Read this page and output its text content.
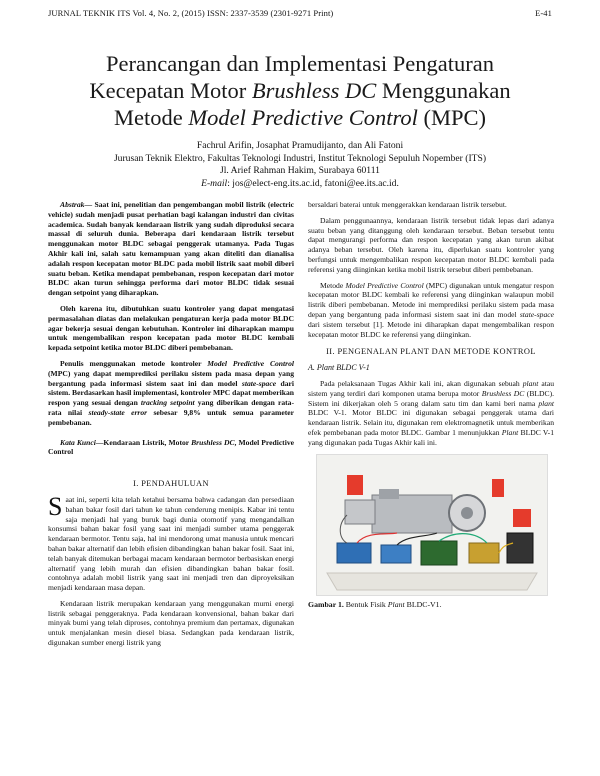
JURNAL TEKNIK ITS Vol. 4, No. 2, (2015) ISSN: 2337-3539 (2301-9271 Print)	E-41
Perancangan dan Implementasi Pengaturan
Kecepatan Motor Brushless DC Menggunakan
Metode Model Predictive Control (MPC)
Fachrul Arifin, Josaphat Pramudijanto, dan Ali Fatoni
Jurusan Teknik Elektro, Fakultas Teknologi Industri, Institut Teknologi Sepuluh Nopember (ITS)
Jl. Arief Rahman Hakim, Surabaya 60111
E-mail: jos@elect-eng.its.ac.id, fatoni@ee.its.ac.id.

Abstrak— Saat ini, penelitian dan pengembangan mobil listrik (electric vehicle) sudah menjadi pusat perhatian bagi kalangan industri dan civitas academica. Sudah banyak kendaraan listrik yang sudah diproduksi secara massal di seluruh dunia. Beberapa dari kendaraan listrik tersebut menggunakan motor BLDC sebagai penggerak utamanya. Pada Tugas Akhir kali ini, salah satu kemampuan yang akan diteliti dan dianalisa adalah respon kecepatan motor BLDC pada mobil listrik saat mobil diberi suatu beban. Ketika mendapat pembebanan, respon kecepatan dari motor BLDC akan turun sehingga performa dari motor BLDC tidak sesuai dengan setpoint yang diharapkan.

Oleh karena itu, dibutuhkan suatu kontroler yang dapat mengatasi permasalahan diatas dan melakukan pengaturan kerja pada motor BLDC agar bekerja sesuai dengan kebutuhan. Kontroler ini diharapkan mampu untuk mengembalikan respon kecepatan pada motor BLDC kembali kepada setpoint ketika motor BLDC diberi pembebanan.

Penulis menggunakan metode kontroler Model Predictive Control (MPC) yang dapat memprediksi perilaku sistem pada masa depan yang bergantung pada informasi sistem saat ini dan model state-space dari sistem. Berdasarkan hasil implementasi, kontroler MPC dapat memberikan respon yang sesuai dengan tracking setpoint yang diberikan dengan rata-rata nilai steady-state error sebesar 9,8% untuk semua parameter pembebanan.

Kata Kunci—Kendaraan Listrik, Motor Brushless DC, Model Predictive Control
I. PENDAHULUAN

Saat ini, seperti kita telah ketahui bersama bahwa cadangan dan persediaan bahan bakar fosil dari tahun ke tahun cenderung menipis. Kabar ini tentu saja menjadi hal yang buruk bagi dunia otomotif yang mengandalkan konsumsi bahan bakar fosil yang saat ini menjadi sumber utama penggerak kendaraan bermotor. Tentu saja, hal ini mendorong umat manusia untuk mencari bahan bakar alternatif dan lebih efisien dibandingkan bahan bakar fosil. Saat ini, telah banyak ditemukan berbagai macam kendaraan bermotor berbasiskan energi alternatif yang lebih murah dan efisien dibandingkan bahan bakar fosil. contohnya adalah mobil listrik yang saat ini menjadi tren dan diproyeksikan menjadi kendaraan masa depan.

Kendaraan listrik merupakan kendaraan yang menggunakan murni energi listrik sebagai penggeraknya. Pada kendaraan konvensional, bahan bakar dari minyak bumi yang telah diproses, contohnya premium dan pertamax, digunakan untuk menjalankan mesin diesel biasa. Sedangkan pada kendaraan listrik, digunakan sumber energi listrik yang

bersaldari baterai untuk menggerakkan kendaraan listrik tersebut.

Dalam penggunaannya, kendaraan listrik tersebut tidak lepas dari adanya suatu beban yang ditanggung oleh kendaraan tersebut. Beban tersebut tentu dapat mengurangi performa dan respon kecepatan yang akan turun akibat adanya beban tersebut. Oleh karena itu, diperlukan suatu kontroler yang berfungsi untuk mengembalikan respon kecepatan motor BLDC kembali pada referensi yang diinginkan ketika mobil listrik tersebut diberi pembebanan.

Metode Model Predictive Control (MPC) digunakan untuk mengatur respon kecepatan motor BLDC kembali ke referensi yang diinginkan walaupun mobil listrik diberi pembebanan. Metode ini memprediksi perilaku sistem pada masa depan yang bergantung pada informasi sistem saat ini dan model state-space dari sistem tersebut [1]. Metode ini diharapkan dapat mengembalikan respon kecepatan motor BLDC ke referensi yang diinginkan.

II. PENGENALAN PLANT DAN METODE KONTROL
A. Plant BLDC V-1

Pada pelaksanaan Tugas Akhir kali ini, akan digunakan sebuah plant atau sistem yang terdiri dari komponen utama berupa motor Brushless DC (BLDC). Sistem ini dikerjakan oleh 5 orang dalam satu tim dan kami beri nama plant BLDC V-1. Motor BLDC ini digunakan sebagai penggerak utama dari kendaraan listrik. Selain itu, digunakan rem elektromagnetik untuk memberikan efek pembebanan pada motor BLDC. Gambar 1 menunjukkan Plant BLDC V-1 yang digunakan pada Tugas Akhir kali ini.

Gambar 1. Bentuk Fisik Plant BLDC-V1.
